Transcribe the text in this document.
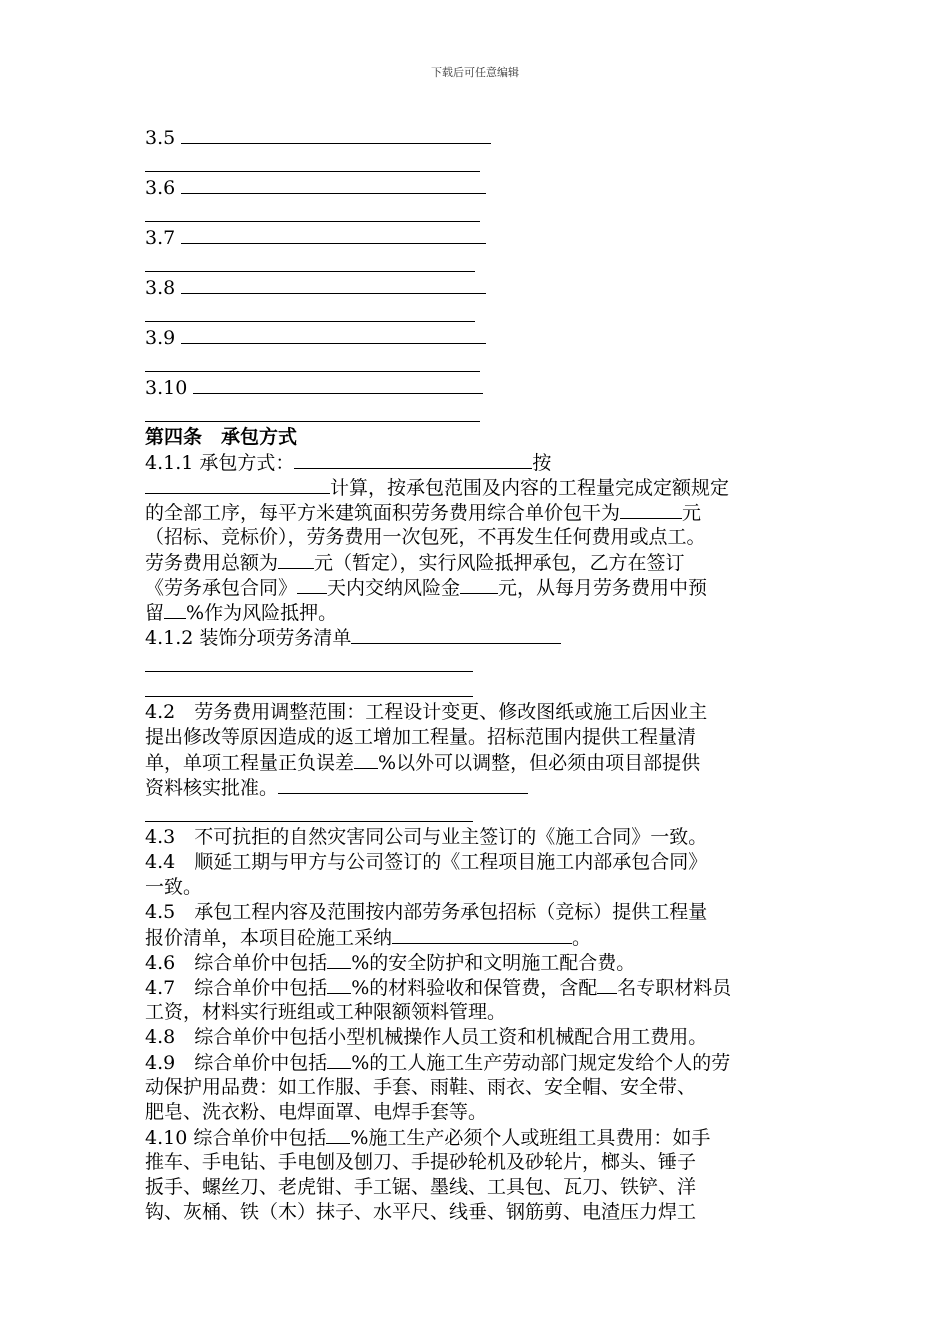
下载后可任意编辑
3.5
3.6
3.7
3.8
3.9
3.10
第四条　承包方式
4.1.1 承包方式：	按
计算，按承包范围及内容的工程量完成定额规定
的全部工序，每平方米建筑面积劳务费用综合单价包干为	元
（招标、竞标价），劳务费用一次包死，不再发生任何费用或点工。
劳务费用总额为 元（暂定），实行风险抵押承包，乙方在签订
《劳务承包合同》 天内交纳风险金 元，从每月劳务费用中预
留 %作为风险抵押。
4.1.2 装饰分项劳务清单
4.2　劳务费用调整范围：工程设计变更、修改图纸或施工后因业主
提出修改等原因造成的返工增加工程量。招标范围内提供工程量清
单，单项工程量正负误差 %以外可以调整，但必须由项目部提供
资料核实批准。
4.3　不可抗拒的自然灾害同公司与业主签订的《施工合同》一致。
4.4　顺延工期与甲方与公司签订的《工程项目施工内部承包合同》
一致。
4.5　承包工程内容及范围按内部劳务承包招标（竞标）提供工程量
报价清单，本项目砼施工采纳	。
4.6　综合单价中包括 %的安全防护和文明施工配合费。
4.7　综合单价中包括 %的材料验收和保管费，含配 名专职材料员
工资，材料实行班组或工种限额领料管理。
4.8　综合单价中包括小型机械操作人员工资和机械配合用工费用。
4.9　综合单价中包括 %的工人施工生产劳动部门规定发给个人的劳
动保护用品费：如工作服、手套、雨鞋、雨衣、安全帽、安全带、
肥皂、洗衣粉、电焊面罩、电焊手套等。
4.10 综合单价中包括 %施工生产必须个人或班组工具费用：如手
推车、手电钻、手电刨及刨刀、手提砂轮机及砂轮片，榔头、锤子
扳手、螺丝刀、老虎钳、手工锯、墨线、工具包、瓦刀、铁铲、洋
钩、灰桶、铁（木）抹子、水平尺、线垂、钢筋剪、电渣压力焊工
